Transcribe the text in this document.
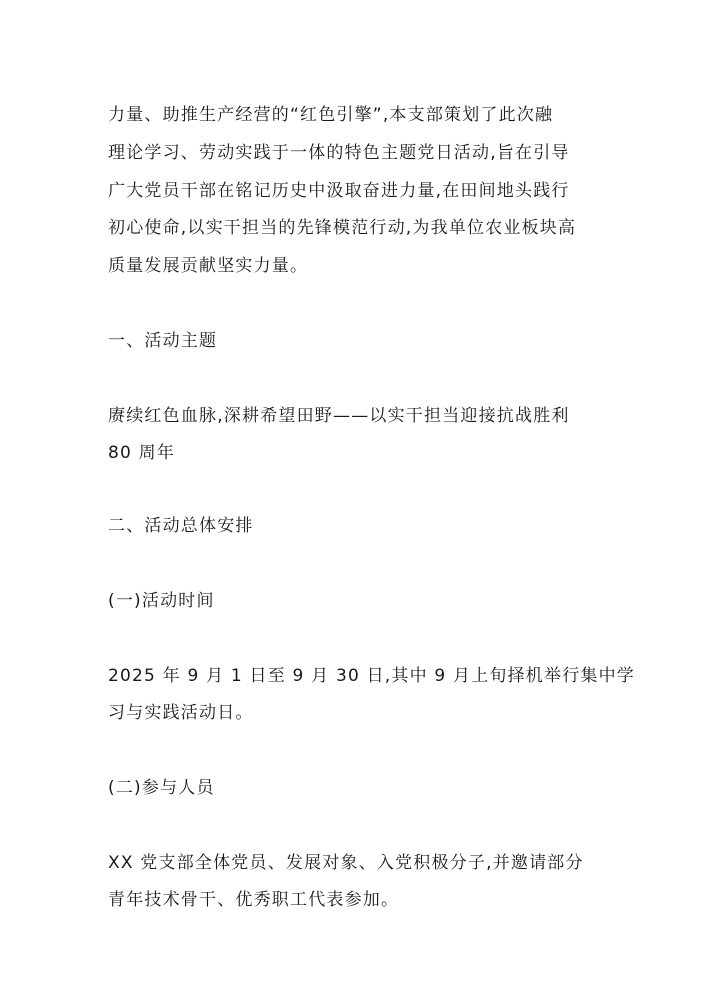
力量、助推生产经营的“红色引擎”,本支部策划了此次融
理论学习、劳动实践于一体的特色主题党日活动,旨在引导
广大党员干部在铭记历史中汲取奋进力量,在田间地头践行
初心使命,以实干担当的先锋模范行动,为我单位农业板块高
质量发展贡献坚实力量。
一、活动主题
赓续红色血脉,深耕希望田野——以实干担当迎接抗战胜利
80 周年
二、活动总体安排
(一)活动时间
2025 年 9 月 1 日至 9 月 30 日,其中 9 月上旬择机举行集中学
习与实践活动日。
(二)参与人员
XX 党支部全体党员、发展对象、入党积极分子,并邀请部分
青年技术骨干、优秀职工代表参加。
